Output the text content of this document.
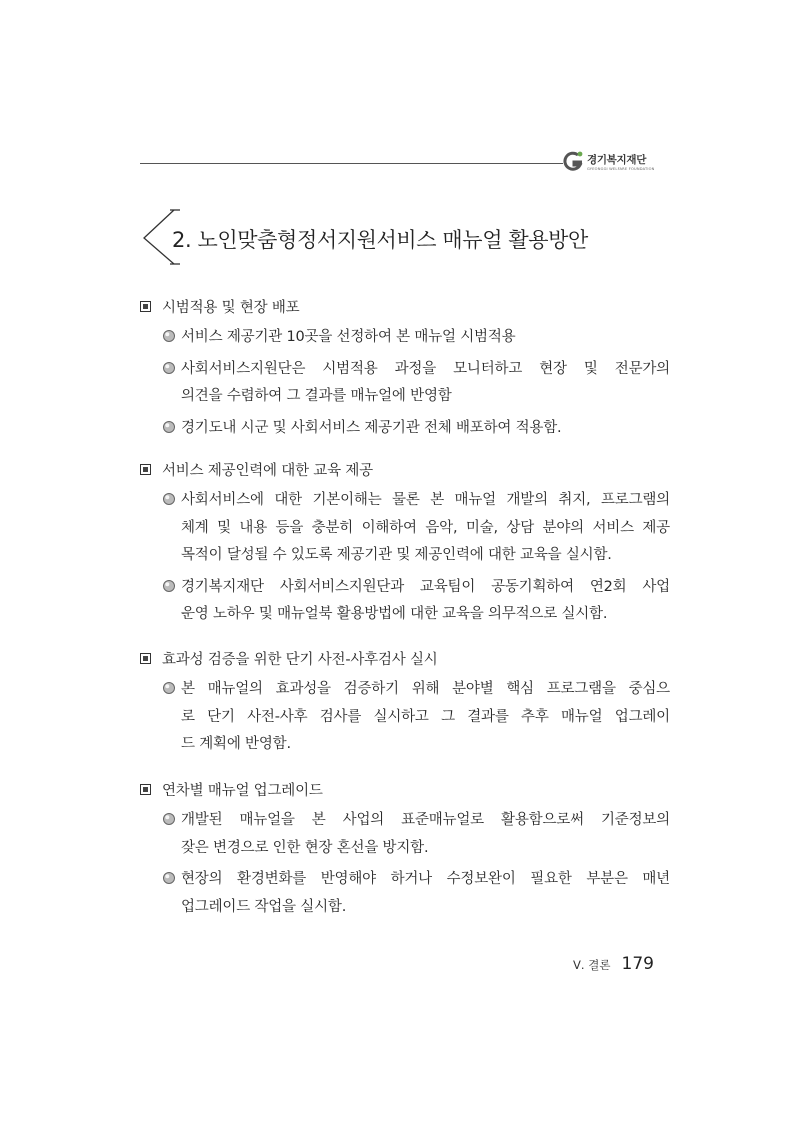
경기복지재단
GYEONGGI WELFARE FOUNDATION
2. 노인맞춤형정서지원서비스 매뉴얼 활용방안
시범적용 및 현장 배포
서비스 제공기관 10곳을 선정하여 본 매뉴얼 시범적용
사회서비스지원단은 시범적용 과정을 모니터하고 현장 및 전문가의
의견을 수렴하여 그 결과를 매뉴얼에 반영함
경기도내 시군 및 사회서비스 제공기관 전체 배포하여 적용함.
서비스 제공인력에 대한 교육 제공
사회서비스에 대한 기본이해는 물론 본 매뉴얼 개발의 취지, 프로그램의
체계 및 내용 등을 충분히 이해하여 음악, 미술, 상담 분야의 서비스 제공
목적이 달성될 수 있도록 제공기관 및 제공인력에 대한 교육을 실시함.
경기복지재단 사회서비스지원단과 교육팀이 공동기획하여 연2회 사업
운영 노하우 및 매뉴얼북 활용방법에 대한 교육을 의무적으로 실시함.
효과성 검증을 위한 단기 사전-사후검사 실시
본 매뉴얼의 효과성을 검증하기 위해 분야별 핵심 프로그램을 중심으
로 단기 사전-사후 검사를 실시하고 그 결과를 추후 매뉴얼 업그레이
드 계획에 반영함.
연차별 매뉴얼 업그레이드
개발된 매뉴얼을 본 사업의 표준매뉴얼로 활용함으로써 기준정보의
잦은 변경으로 인한 현장 혼선을 방지함.
현장의 환경변화를 반영해야 하거나 수정보완이 필요한 부분은 매년
업그레이드 작업을 실시함.
Ⅴ. 결론 179
